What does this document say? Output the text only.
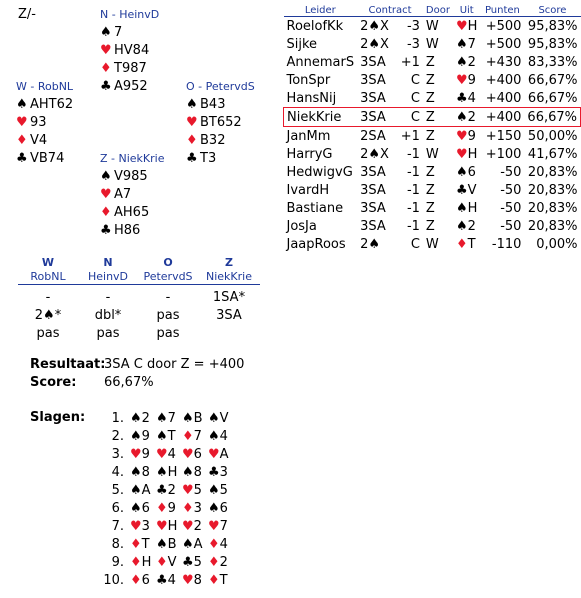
Z/-	N - HeinvD
♠ 7
♥ HV84
♦ T987
♣ A952
W - RobNL
♠ AHT62
♥ 93
♦ V4
♣ VB74
O - PetervdS
♠ B43
♥ BT652
♦ B32
♣ T3
Z - NiekKrie
♠ V985
♥ A7
♦ AH65
♣ H86
Leider	Contract		Door	Uit	Punten	Score
RoelofKk	2♠X	-3	W	♥H	+500	95,83%
Sijke	2♠X	-3	W	♠7	+500	95,83%
AnnemarS	3SA	+1	Z	♠2	+430	83,33%
TonSpr	3SA	C	Z	♥9	+400	66,67%
HansNij	3SA	C	Z	♣4	+400	66,67%
NiekKrie	3SA	C	Z	♠2	+400	66,67%
JanMm	2SA	+1	Z	♥9	+150	50,00%
HarryG	2♠X	-1	W	♥H	+100	41,67%
HedwigvG	3SA	-1	Z	♠6	-50	20,83%
IvardH	3SA	-1	Z	♣V	-50	20,83%
Bastiane	3SA	-1	Z	♠H	-50	20,83%
JosJa	3SA	-1	Z	♠2	-50	20,83%
JaapRoos	2♠	C	W	♦T	-110	0,00%
W	N	O	Z
RobNL	HeinvD	PetervdS	NiekKrie
-	-	-	1SA*
2♠*	dbl*	pas	3SA
pas	pas	pas
Resultaat:3SA C door Z = +400
Score: 66,67%
Slagen:	1. ♠2 ♠7 ♠B ♠V
2. ♠9 ♠T ♦7 ♠4
3. ♥9 ♥4 ♥6 ♥A
4. ♠8 ♠H ♠8 ♣3
5. ♠A ♣2 ♥5 ♠5
6. ♠6 ♦9 ♦3 ♠6
7. ♥3 ♥H ♥2 ♥7
8. ♦T ♠B ♠A ♦4
9. ♦H ♦V ♣5 ♦2
10. ♦6 ♣4 ♥8 ♦T
